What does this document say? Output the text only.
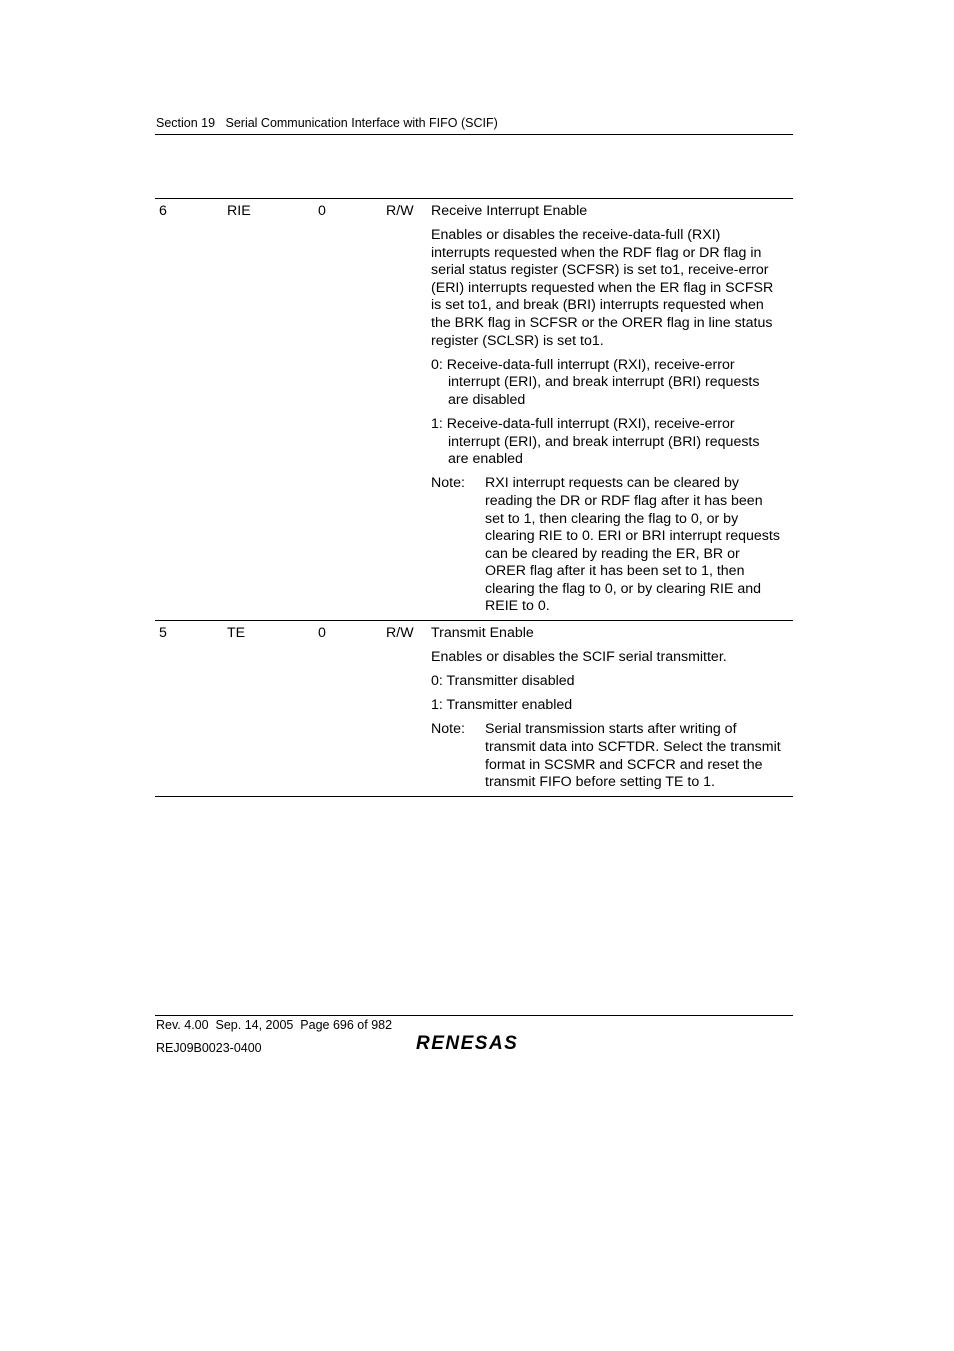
Section 19   Serial Communication Interface with FIFO (SCIF)
6	RIE	0	R/W Receive Interrupt Enable

Enables or disables the receive-data-full (RXI)
interrupts requested when the RDF flag or DR flag in
serial status register (SCFSR) is set to1, receive-error
(ERI) interrupts requested when the ER flag in SCFSR
is set to1, and break (BRI) interrupts requested when
the BRK flag in SCFSR or the ORER flag in line status
register (SCLSR) is set to1.

0: Receive-data-full interrupt (RXI), receive-error
interrupt (ERI), and break interrupt (BRI) requests
are disabled

1: Receive-data-full interrupt (RXI), receive-error
interrupt (ERI), and break interrupt (BRI) requests
are enabled

Note:	RXI interrupt requests can be cleared by
reading the DR or RDF flag after it has been
set to 1, then clearing the flag to 0, or by
clearing RIE to 0. ERI or BRI interrupt requests
can be cleared by reading the ER, BR or
ORER flag after it has been set to 1, then
clearing the flag to 0, or by clearing RIE and
REIE to 0.
5	TE	0	R/W Transmit Enable

Enables or disables the SCIF serial transmitter.

0: Transmitter disabled

1: Transmitter enabled

Note:	Serial transmission starts after writing of
transmit data into SCFTDR. Select the transmit
format in SCSMR and SCFCR and reset the
transmit FIFO before setting TE to 1.
Rev. 4.00  Sep. 14, 2005  Page 696 of 982
REJ09B0023-0400	RENESAS
